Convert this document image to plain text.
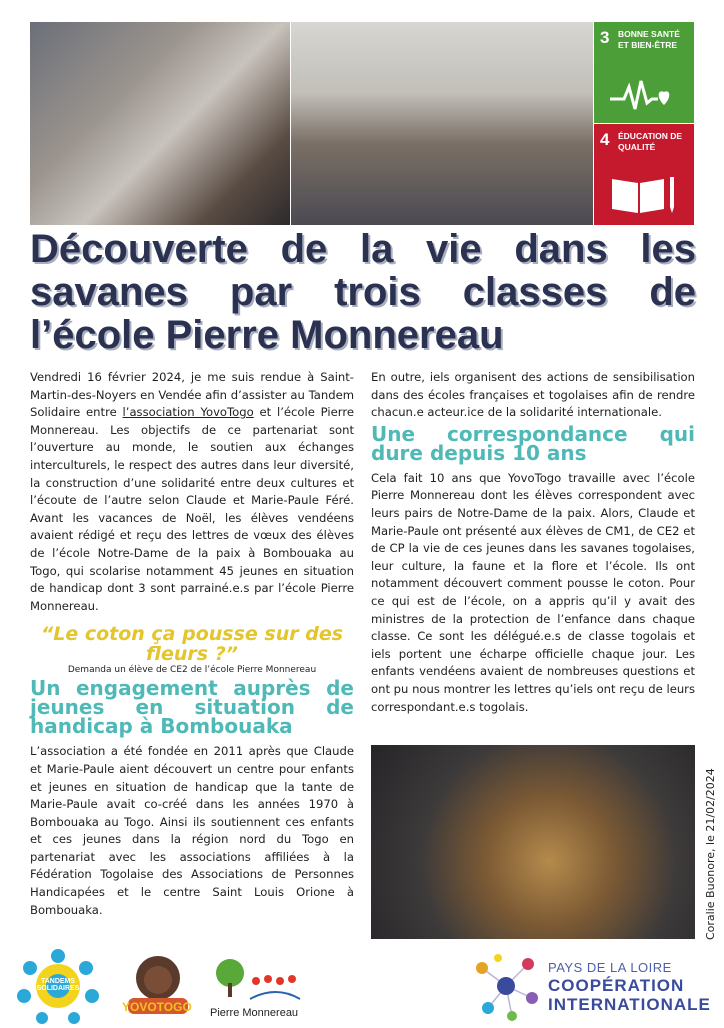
3 BONNE SANTÉ ET BIEN-ÊTRE
4 ÉDUCATION DE QUALITÉ
Découverte de la vie dans les savanes par trois classes de l’école Pierre Monnereau

Vendredi 16 février 2024, je me suis rendue à Saint-Martin-des-Noyers en Vendée afin d’assister au Tandem Solidaire entre l’association YovoTogo et l’école Pierre Monnereau. Les objectifs de ce partenariat sont l’ouverture au monde, le soutien aux échanges interculturels, le respect des autres dans leur diversité, la construction d’une solidarité entre deux cultures et l’écoute de l’autre selon Claude et Marie-Paule Féré. Avant les vacances de Noël, les élèves vendéens avaient rédigé et reçu des lettres de vœux des élèves de l’école Notre-Dame de la paix à Bombouaka au Togo, qui scolarise notamment 45 jeunes en situation de handicap dont 3 sont parrainé.e.s par l’école Pierre Monnereau.

“Le coton ça pousse sur des fleurs ?”

Demanda un élève de CE2 de l’école Pierre Monnereau

Un engagement auprès de jeunes en situation de handicap à Bombouaka

L’association a été fondée en 2011 après que Claude et Marie-Paule aient découvert un centre pour enfants et jeunes en situation de handicap que la tante de Marie-Paule avait co-créé dans les années 1970 à Bombouaka au Togo. Ainsi ils soutiennent ces enfants et ces jeunes dans la région nord du Togo en partenariat avec les associations affiliées à la Fédération Togolaise des Associations de Personnes Handicapées et le centre Saint Louis Orione à Bombouaka.

En outre, iels organisent des actions de sensibilisation dans des écoles françaises et togolaises afin de rendre chacun.e acteur.ice de la solidarité internationale.

Une correspondance qui dure depuis 10 ans

Cela fait 10 ans que YovoTogo travaille avec l’école Pierre Monnereau dont les élèves correspondent avec leurs pairs de Notre-Dame de la paix. Alors, Claude et Marie-Paule ont présenté aux élèves de CM1, de CE2 et de CP la vie de ces jeunes dans les savanes togolaises, leur culture, la faune et la flore et l’école. Ils ont notamment découvert comment pousse le coton. Pour ce qui est de l’école, on a appris qu’il y avait des ministres de la protection de l’enfance dans chaque classe. Ce sont les délégué.e.s de classe togolais et iels portent une écharpe officielle chaque jour. Les enfants vendéens avaient de nombreuses questions et ont pu nous montrer les lettres qu’iels ont reçu de leurs correspondant.e.s togolais.

Coralie Buonore, le 21/02/2024
TANDEMS SOLIDAIRES
YOVOTOGO Pierre Monnereau
PAYS DE LA LOIRE
COOPÉRATION
INTERNATIONALE
